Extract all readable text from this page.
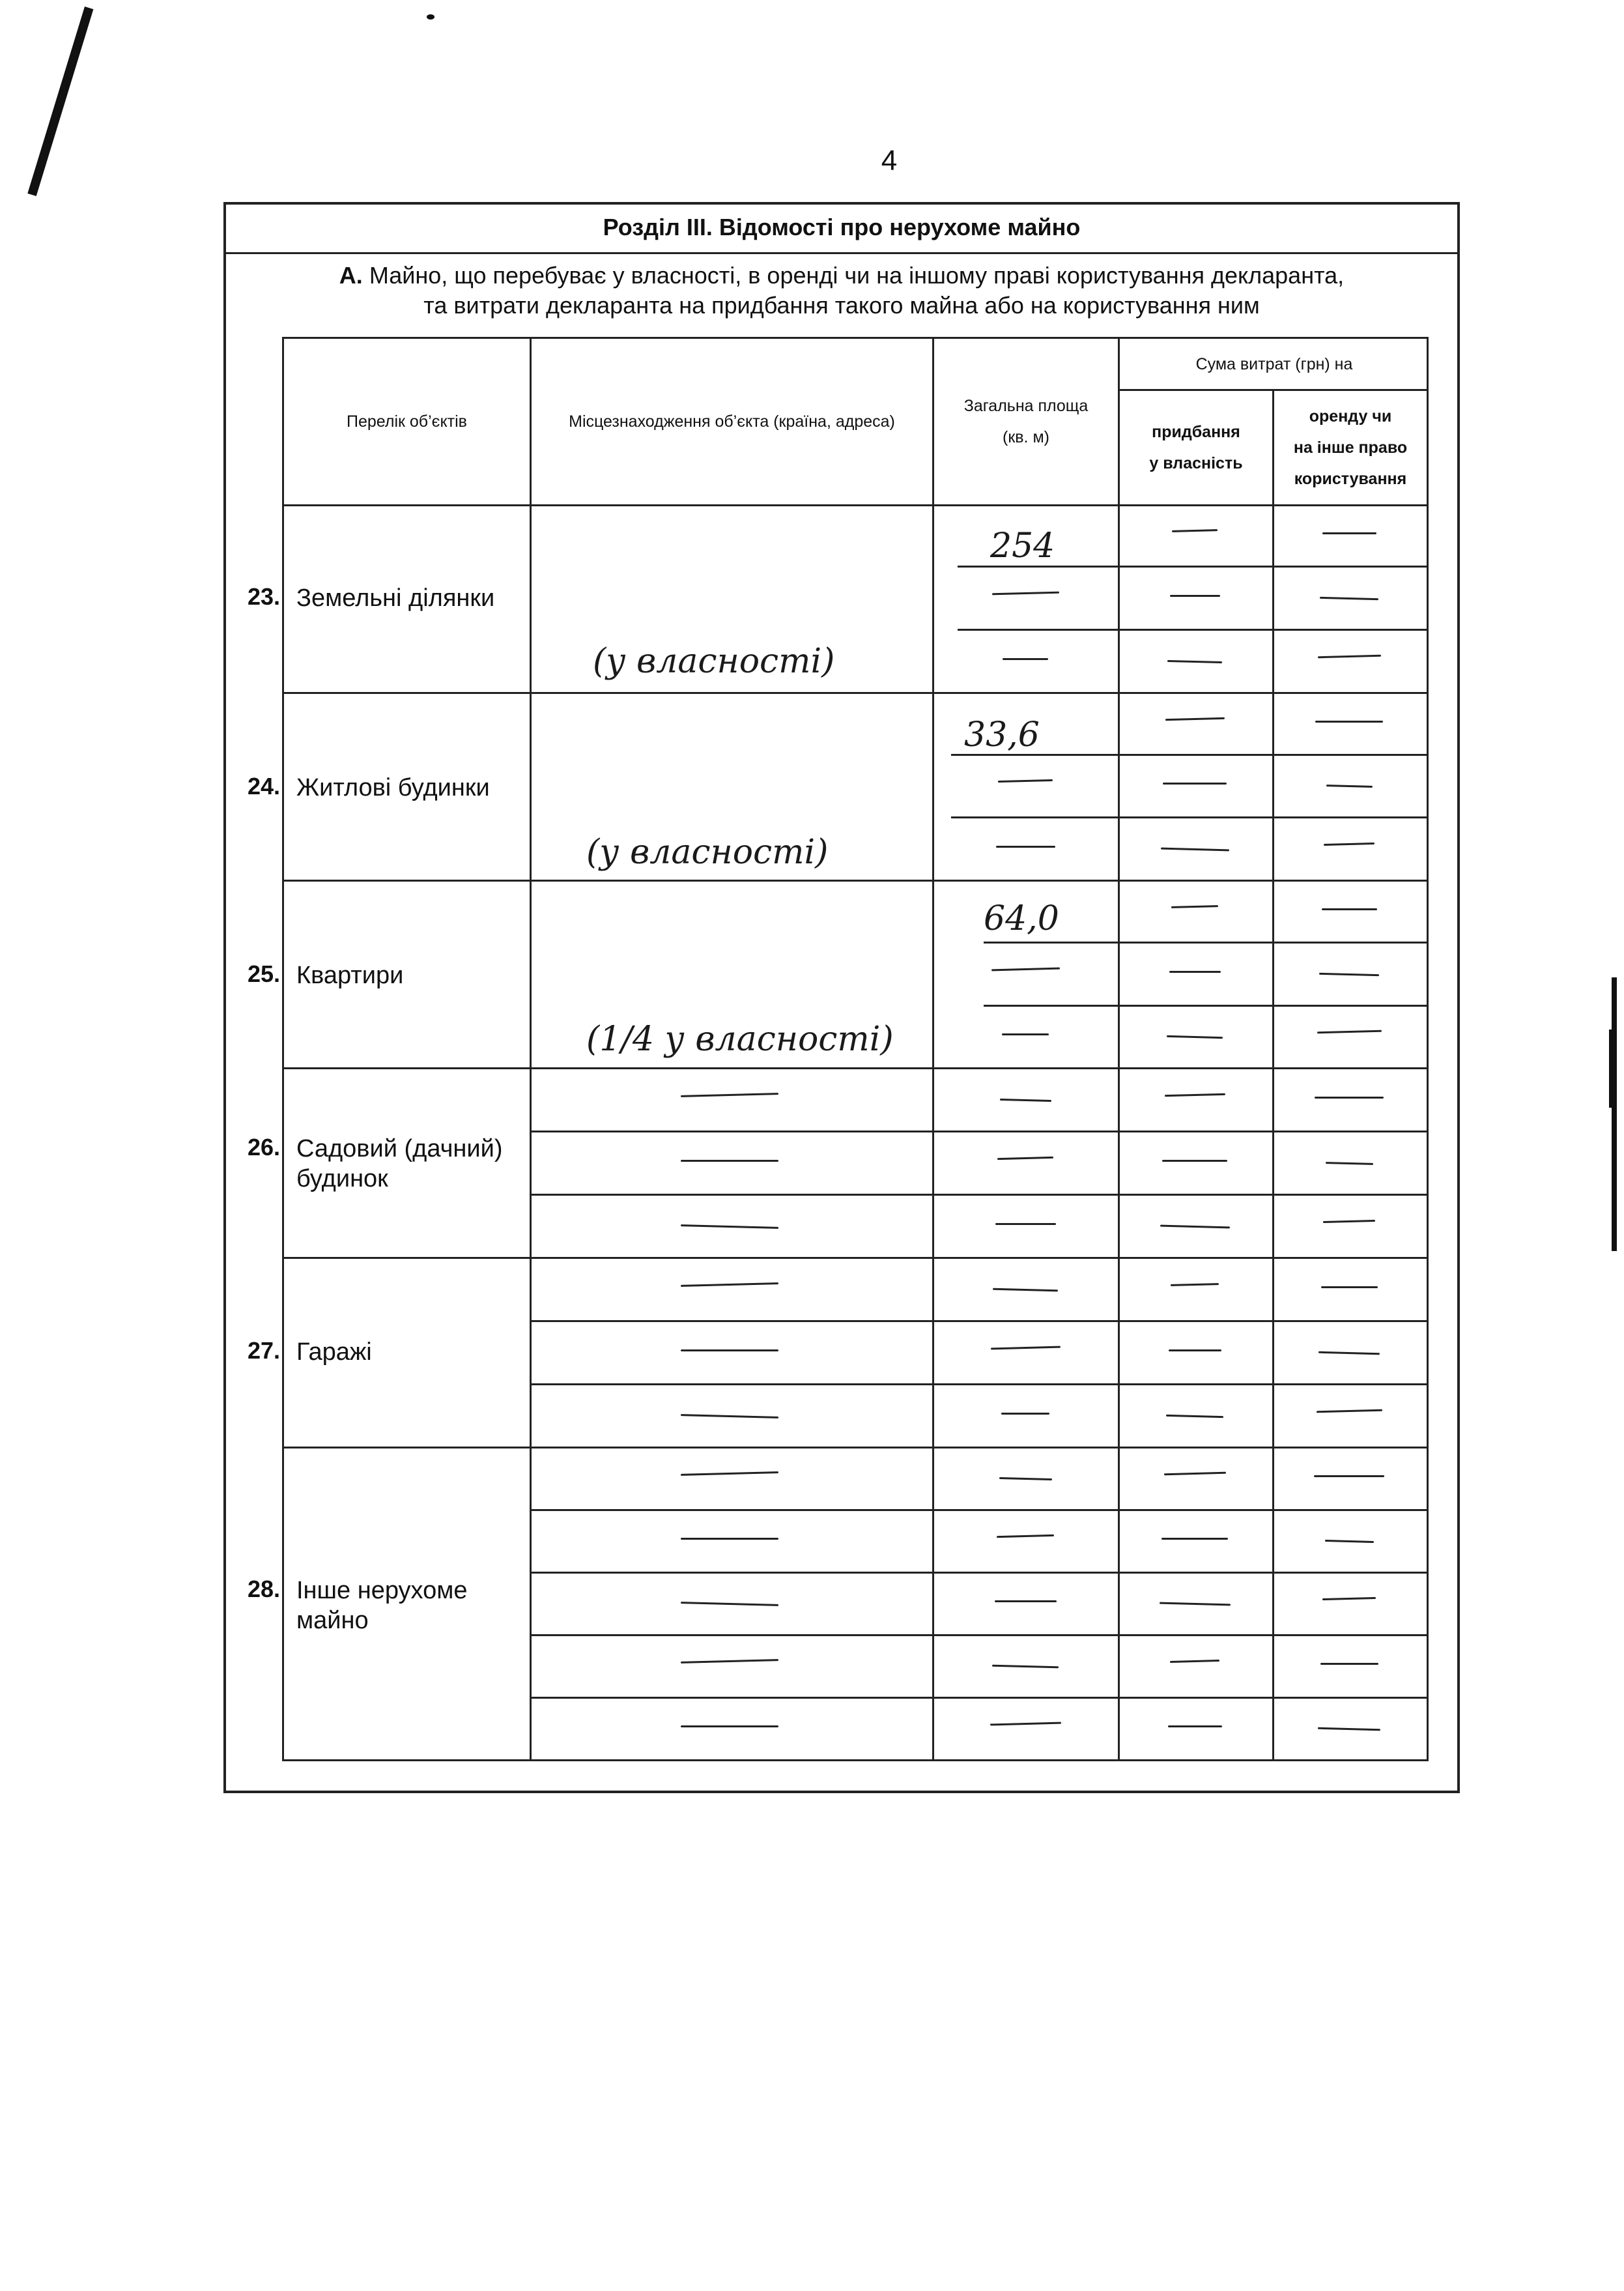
4
Розділ III. Відомості про нерухоме майно
А. Майно, що перебуває у власності, в оренді чи на іншому праві користування декларанта,
та витрати декларанта на придбання такого майна або на користування ним
Перелік об’єктів	Місцезнаходження об’єкта (країна, адреса)
Загальна площа
(кв. м)
Сума витрат (грн) на
придбання
у власність
оренду чи
на інше право
користування
23. Земельні ділянки
24. Житлові будинки
25. Квартири
26. Садовий (дачний) будинок
27. Гаражі
28. Інше нерухоме майно
254
(у власності)
33,6
(у власності)
64,0
(1/4 у власності)
